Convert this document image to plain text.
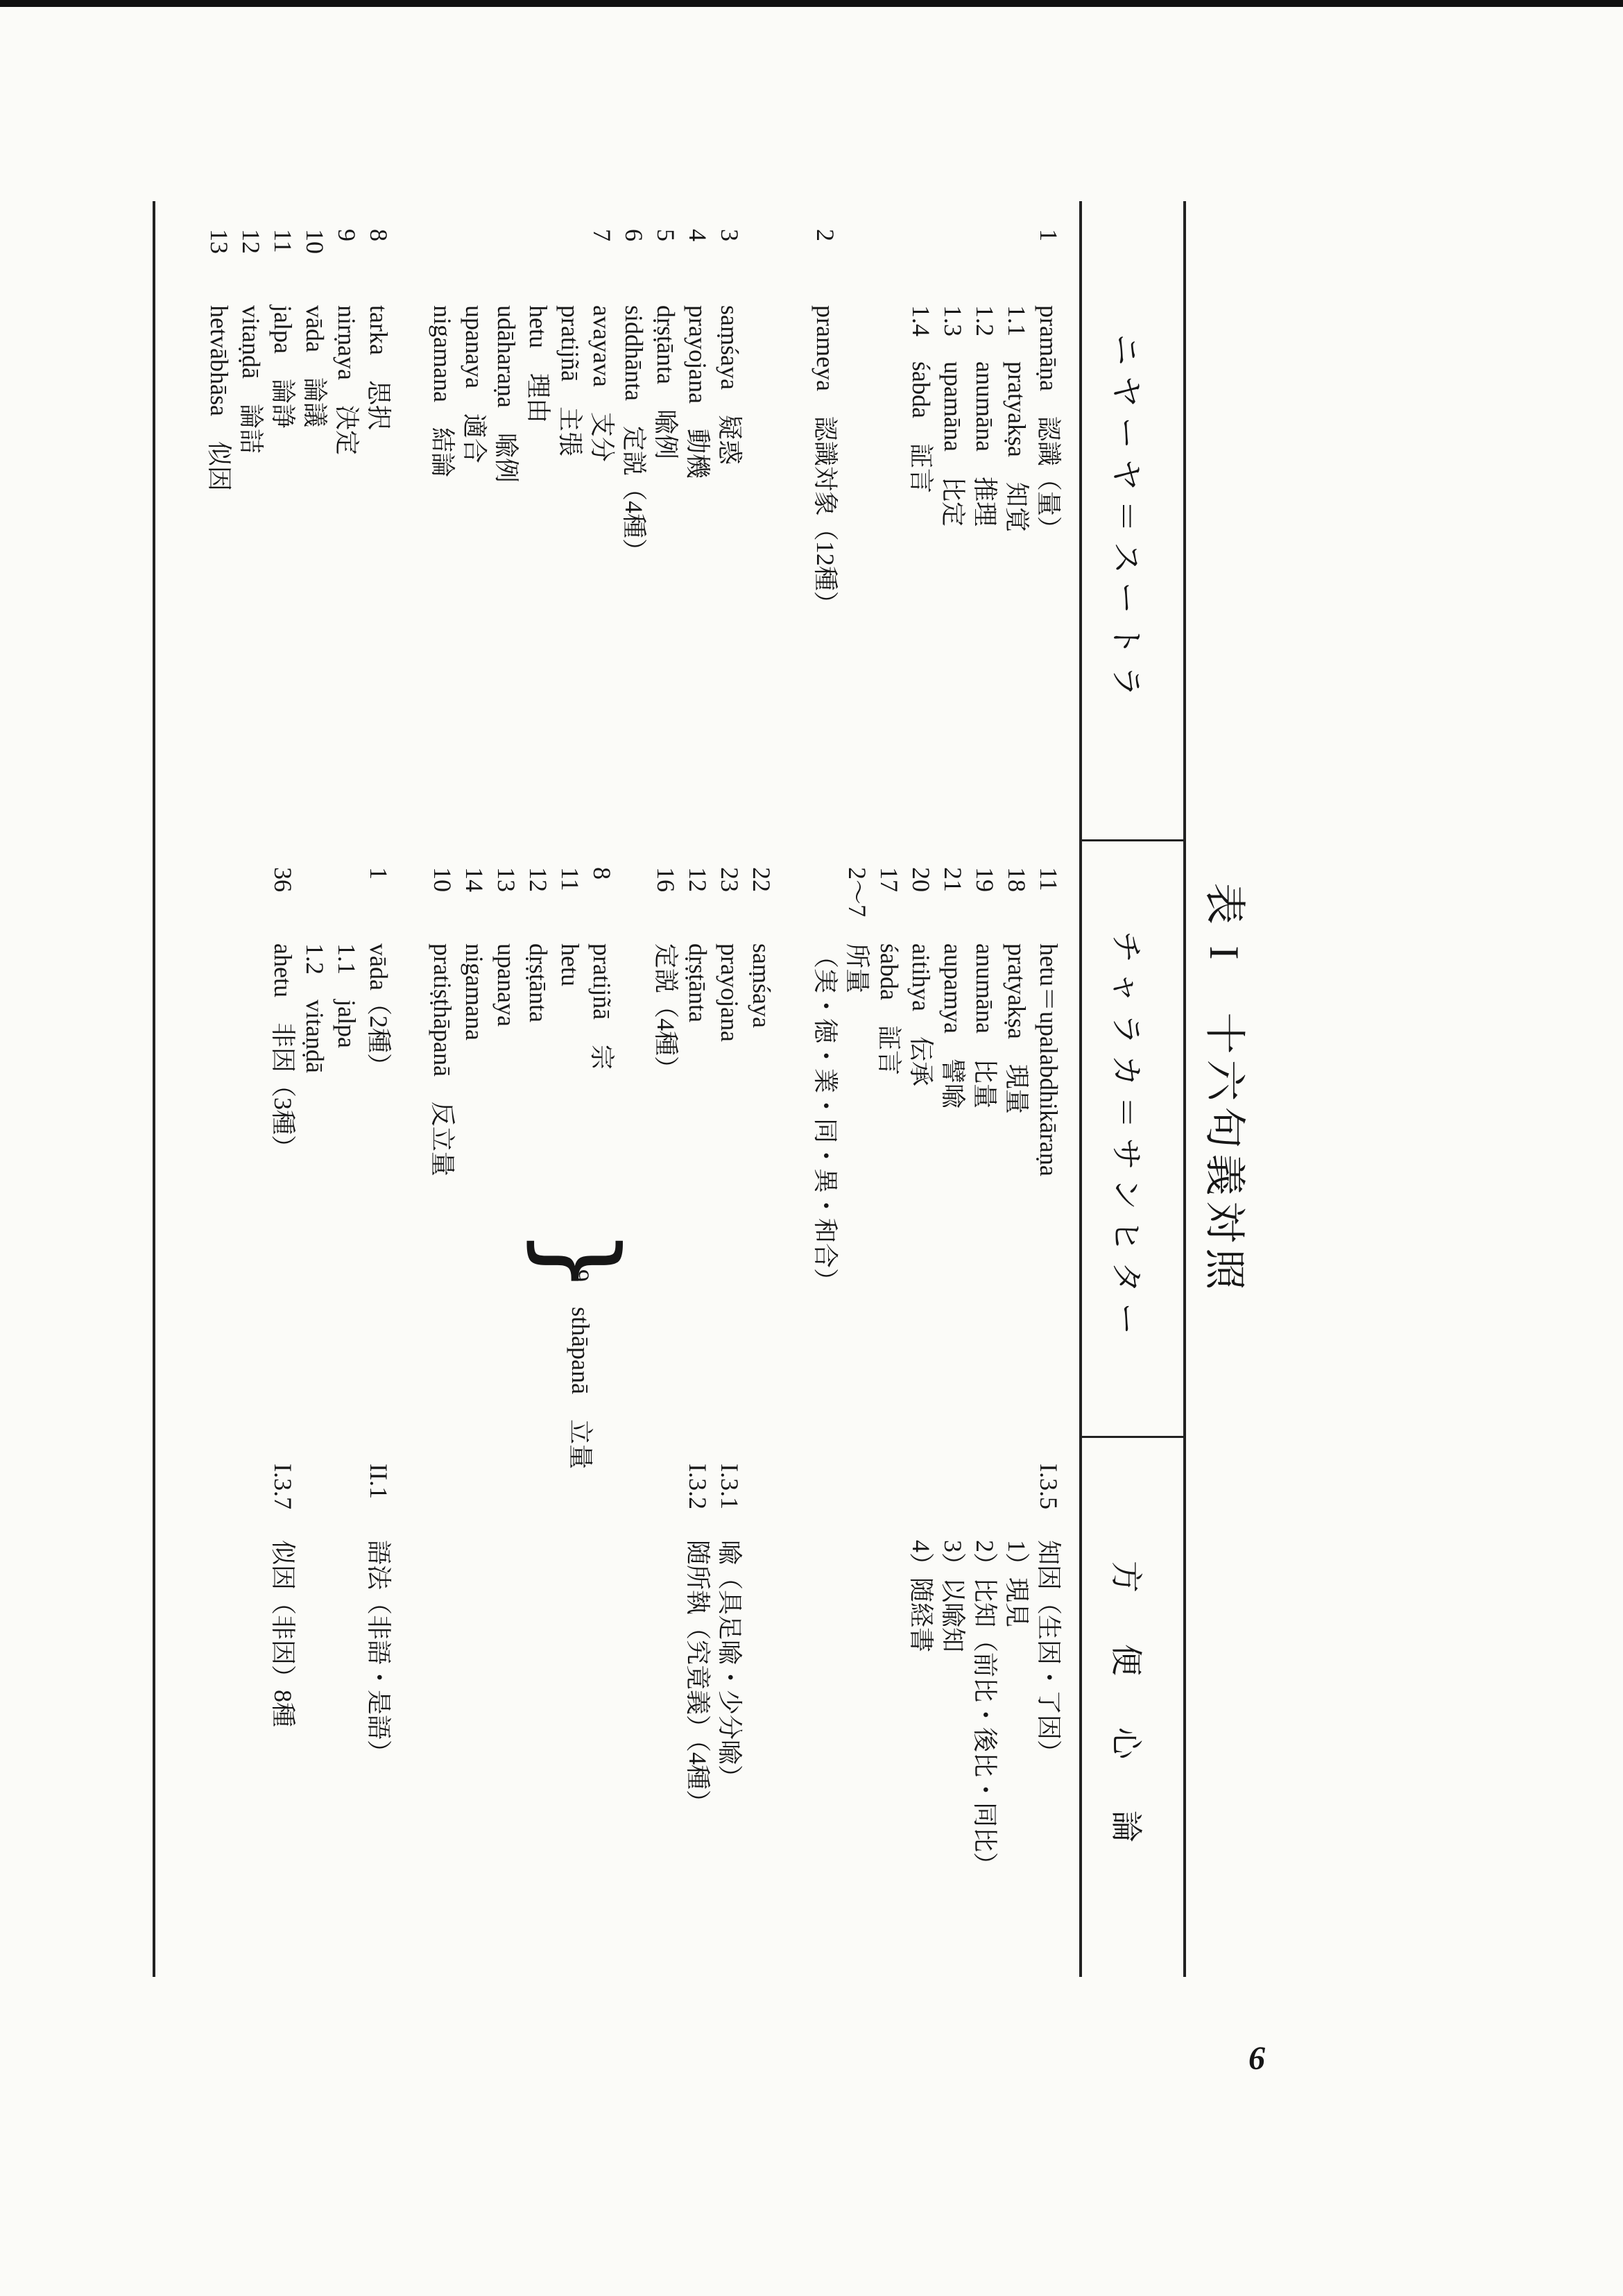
表 I　十六句義対照
ニヤーヤ＝スートラ
1pramāṇa　認識（量）
1.1　pratyakṣa　知覚
1.2　anumāna　推理
1.3　upamāna　比定
1.4　śabda　証言
2prameya　認識対象（12種）
3saṃśaya　疑惑
4prayojana　動機
5dṛṣṭānta　喩例
6siddhānta　定説（4種）
7avayava　支分
pratijñā　主張
hetu　理由
udāharaṇa　喩例
upanaya　適合
nigamana　結論
8tarka　思択
9nirṇaya　決定
10vāda　論議
11jalpa　論諍
12vitaṇḍā　論詰
13hetvābhāsa　似因
チャラカ＝サンヒター
11hetu＝upalabdhikāraṇa
18pratyakṣa　現量
19anumāna　比量
21aupamya　譬喩
20aitihya　伝承
17śabda　証言
2〜7所量
（実・徳・業・同・異・和合）
22saṃśaya
23prayojana
12dṛṣṭānta
16定説（4種）
8pratijñā　宗
11hetu
12dṛṣṭānta
13upanaya
14nigamana
10pratiṣṭhāpanā　反立量
1vāda（2種）
1.1　jalpa
1.2　vitaṇḍā
36ahetu　非因（3種）
}
9　sthāpanā　立量
方　便　心　論
I.3.5知因（生因・了因）
1）現見
2）比知（前比・後比・同比）
3）以喩知
4）随経書
I.3.1喩（具足喩・少分喩）
I.3.2随所執（究竟義）（4種）
II.1語法（非語・是語）
I.3.7似因（非因）8種
6
